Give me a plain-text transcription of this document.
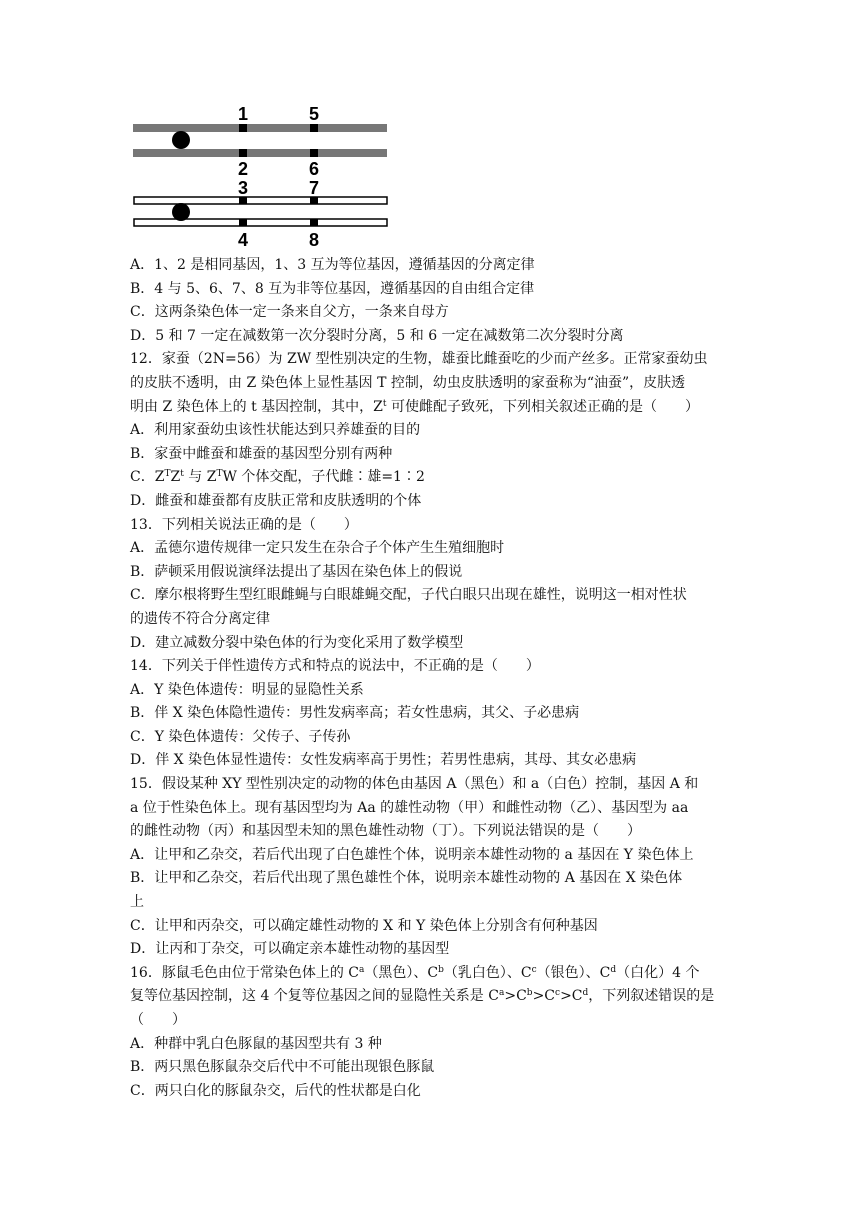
1	5
2	6
3	7
4	8
A．1、2 是相同基因，1、3 互为等位基因，遵循基因的分离定律
B．4 与 5、6、7、8 互为非等位基因，遵循基因的自由组合定律
C．这两条染色体一定一条来自父方，一条来自母方
D．5 和 7 一定在减数第一次分裂时分离，5 和 6 一定在减数第二次分裂时分离
12．家蚕（2N=56）为 ZW 型性别决定的生物，雄蚕比雌蚕吃的少而产丝多。正常家蚕幼虫
的皮肤不透明，由 Z 染色体上显性基因 T 控制，幼虫皮肤透明的家蚕称为“油蚕”，皮肤透
明由 Z 染色体上的 t 基因控制，其中，$Z^t$ 可使雌配子致死，下列相关叙述正确的是（　　）
A．利用家蚕幼虫该性状能达到只养雄蚕的目的
B．家蚕中雌蚕和雄蚕的基因型分别有两种
C．$Z^TZ^t$ 与 $Z^TW$ 个体交配，子代雌∶雄=1∶2
D．雌蚕和雄蚕都有皮肤正常和皮肤透明的个体
13．下列相关说法正确的是（　　）
A．孟德尔遗传规律一定只发生在杂合子个体产生生殖细胞时
B．萨顿采用假说演绎法提出了基因在染色体上的假说
C．摩尔根将野生型红眼雌蝇与白眼雄蝇交配，子代白眼只出现在雄性，说明这一相对性状
的遗传不符合分离定律
D．建立减数分裂中染色体的行为变化采用了数学模型
14．下列关于伴性遗传方式和特点的说法中，不正确的是（　　）
A．Y 染色体遗传：明显的显隐性关系
B．伴 X 染色体隐性遗传：男性发病率高；若女性患病，其父、子必患病
C．Y 染色体遗传：父传子、子传孙
D．伴 X 染色体显性遗传：女性发病率高于男性；若男性患病，其母、其女必患病
15．假设某种 XY 型性别决定的动物的体色由基因 A（黑色）和 a（白色）控制，基因 A 和
a 位于性染色体上。现有基因型均为 Aa 的雄性动物（甲）和雌性动物（乙）、基因型为 aa
的雌性动物（丙）和基因型未知的黑色雄性动物（丁）。下列说法错误的是（　　）
A．让甲和乙杂交，若后代出现了白色雄性个体，说明亲本雄性动物的 a 基因在 Y 染色体上
B．让甲和乙杂交，若后代出现了黑色雄性个体，说明亲本雄性动物的 A 基因在 X 染色体
上
C．让甲和丙杂交，可以确定雄性动物的 X 和 Y 染色体上分别含有何种基因
D．让丙和丁杂交，可以确定亲本雄性动物的基因型
16．豚鼠毛色由位于常染色体上的 $C^a$（黑色）、$C^b$（乳白色）、$C^c$（银色）、$C^d$（白化）4 个
复等位基因控制，这 4 个复等位基因之间的显隐性关系是 $C^a>C^b>C^c>C^d$，下列叙述错误的是
（　　）
A．种群中乳白色豚鼠的基因型共有 3 种
B．两只黑色豚鼠杂交后代中不可能出现银色豚鼠
C．两只白化的豚鼠杂交，后代的性状都是白化
